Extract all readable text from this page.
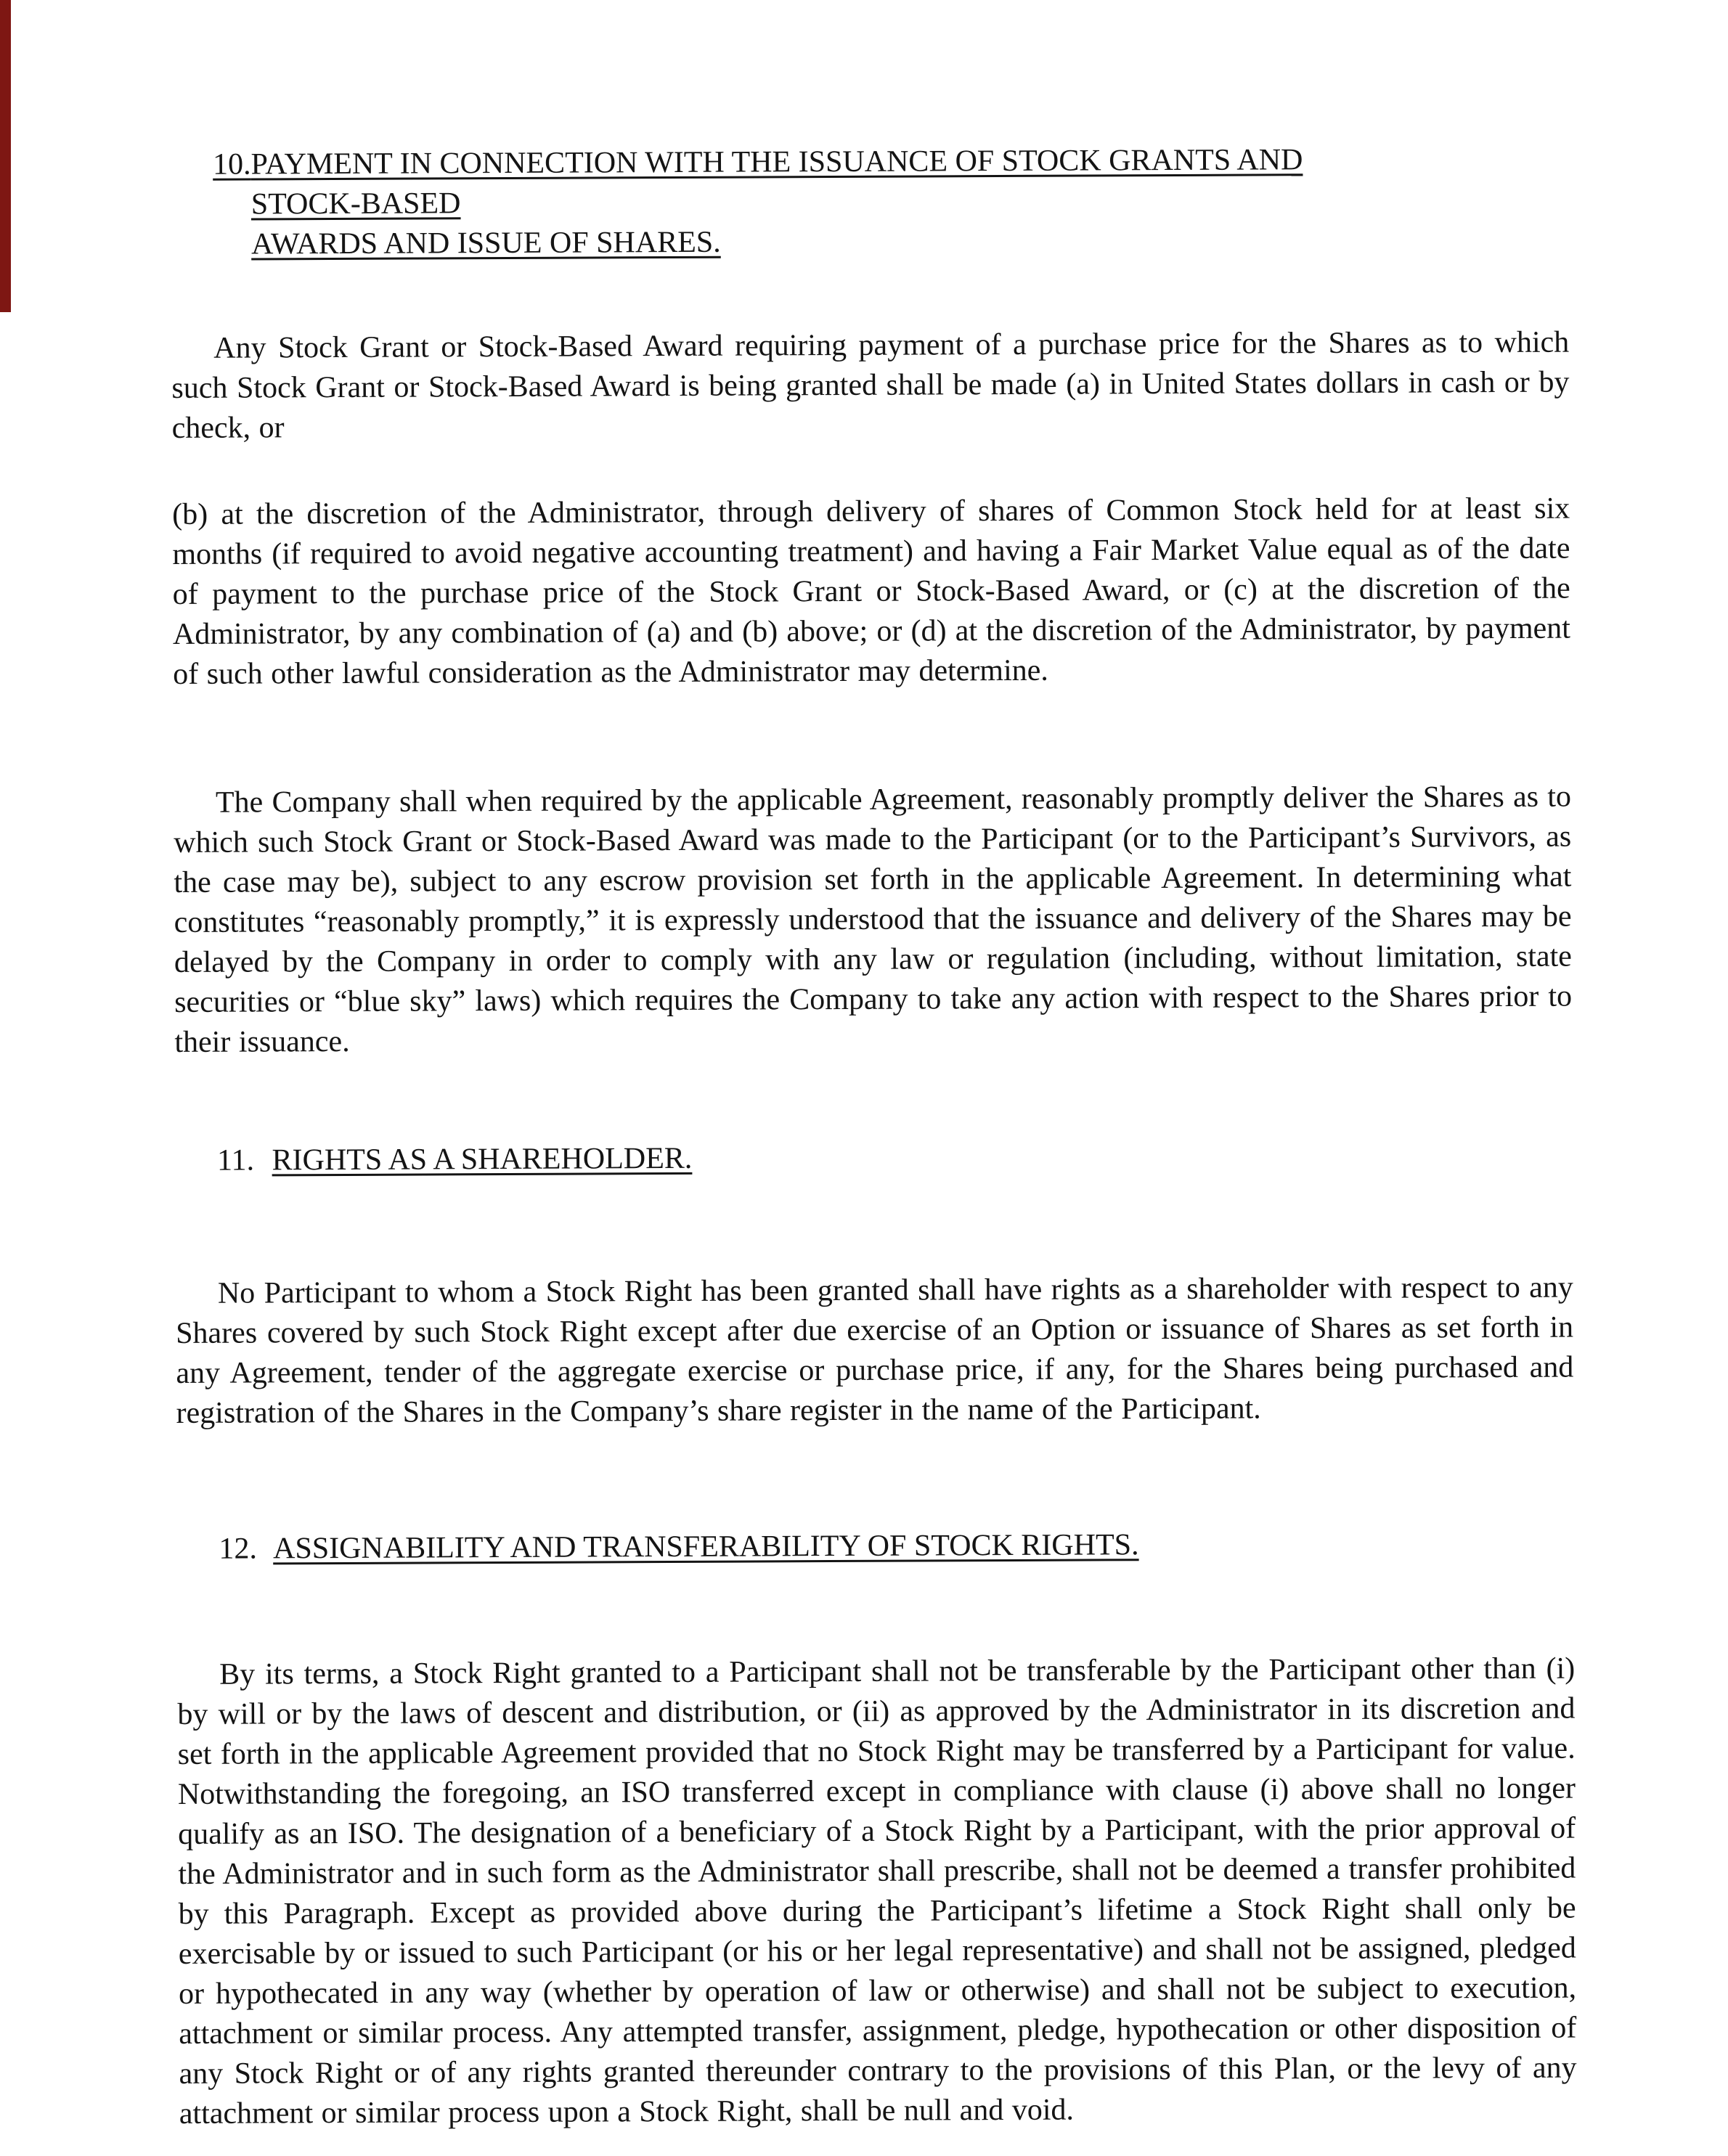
10. PAYMENT IN CONNECTION WITH THE ISSUANCE OF STOCK GRANTS AND
STOCK-BASED
AWARDS AND ISSUE OF SHARES.

Any Stock Grant or Stock-Based Award requiring payment of a purchase price for the Shares as to which such Stock Grant or Stock-Based Award is being granted shall be made (a) in United States dollars in cash or by check, or

(b) at the discretion of the Administrator, through delivery of shares of Common Stock held for at least six months (if required to avoid negative accounting treatment) and having a Fair Market Value equal as of the date of payment to the purchase price of the Stock Grant or Stock-Based Award, or (c) at the discretion of the Administrator, by any combination of (a) and (b) above; or (d) at the discretion of the Administrator, by payment of such other lawful consideration as the Administrator may determine.

The Company shall when required by the applicable Agreement, reasonably promptly deliver the Shares as to which such Stock Grant or Stock-Based Award was made to the Participant (or to the Participant’s Survivors, as the case may be), subject to any escrow provision set forth in the applicable Agreement. In determining what constitutes “reasonably promptly,” it is expressly understood that the issuance and delivery of the Shares may be delayed by the Company in order to comply with any law or regulation (including, without limitation, state securities or “blue sky” laws) which requires the Company to take any action with respect to the Shares prior to their issuance.

11. RIGHTS AS A SHAREHOLDER.

No Participant to whom a Stock Right has been granted shall have rights as a shareholder with respect to any Shares covered by such Stock Right except after due exercise of an Option or issuance of Shares as set forth in any Agreement, tender of the aggregate exercise or purchase price, if any, for the Shares being purchased and registration of the Shares in the Company’s share register in the name of the Participant.

12. ASSIGNABILITY AND TRANSFERABILITY OF STOCK RIGHTS.

By its terms, a Stock Right granted to a Participant shall not be transferable by the Participant other than (i) by will or by the laws of descent and distribution, or (ii) as approved by the Administrator in its discretion and set forth in the applicable Agreement provided that no Stock Right may be transferred by a Participant for value. Notwithstanding the foregoing, an ISO transferred except in compliance with clause (i) above shall no longer qualify as an ISO. The designation of a beneficiary of a Stock Right by a Participant, with the prior approval of the Administrator and in such form as the Administrator shall prescribe, shall not be deemed a transfer prohibited by this Paragraph. Except as provided above during the Participant’s lifetime a Stock Right shall only be exercisable by or issued to such Participant (or his or her legal representative) and shall not be assigned, pledged or hypothecated in any way (whether by operation of law or otherwise) and shall not be subject to execution, attachment or similar process. Any attempted transfer, assignment, pledge, hypothecation or other disposition of any Stock Right or of any rights granted thereunder contrary to the provisions of this Plan, or the levy of any attachment or similar process upon a Stock Right, shall be null and void.
